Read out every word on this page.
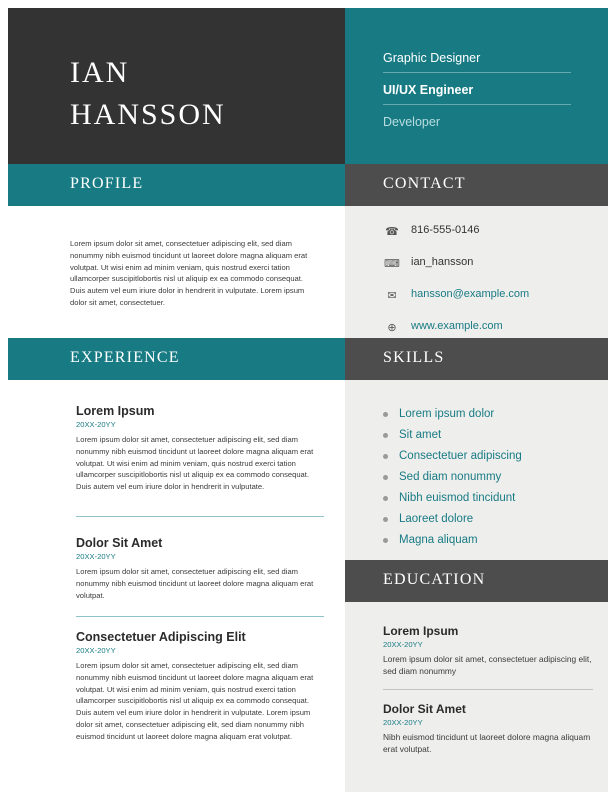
IAN
HANSSON
Graphic Designer
UI/UX Engineer
Developer
PROFILE	CONTACT
Lorem ipsum dolor sit amet, consectetuer adipiscing elit, sed diam nonummy nibh euismod tincidunt ut laoreet dolore magna aliquam erat volutpat. Ut wisi enim ad minim veniam, quis nostrud exerci tation ullamcorper suscipitlobortis nisl ut aliquip ex ea commodo consequat. Duis autem vel eum iriure dolor in hendrerit in vulputate. Lorem ipsum dolor sit amet, consectetuer.
☎ 816-555-0146
⌨ ian_hansson
✉	hansson@example.com
⊕	www.example.com
EXPERIENCE	SKILLS

Lorem Ipsum

20XX-20YY

Lorem ipsum dolor sit amet, consectetuer adipiscing elit, sed diam nonummy nibh euismod tincidunt ut laoreet dolore magna aliquam erat volutpat. Ut wisi enim ad minim veniam, quis nostrud exerci tation ullamcorper suscipitlobortis nisl ut aliquip ex ea commodo consequat. Duis autem vel eum iriure dolor in hendrerit in vulputate.

Dolor Sit Amet

20XX-20YY

Lorem ipsum dolor sit amet, consectetuer adipiscing elit, sed diam nonummy nibh euismod tincidunt ut laoreet dolore magna aliquam erat volutpat.

Consectetuer Adipiscing Elit

20XX-20YY

Lorem ipsum dolor sit amet, consectetuer adipiscing elit, sed diam nonummy nibh euismod tincidunt ut laoreet dolore magna aliquam erat volutpat. Ut wisi enim ad minim veniam, quis nostrud exerci tation ullamcorper suscipitlobortis nisl ut aliquip ex ea commodo consequat. Duis autem vel eum iriure dolor in hendrerit in vulputate. Lorem ipsum dolor sit amet, consectetuer adipiscing elit, sed diam nonummy nibh euismod tincidunt ut laoreet dolore magna aliquam erat volutpat.
Lorem ipsum dolor
Sit amet
Consectetuer adipiscing
Sed diam nonummy
Nibh euismod tincidunt
Laoreet dolore
Magna aliquam
EDUCATION

Lorem Ipsum

20XX-20YY

Lorem ipsum dolor sit amet, consectetuer adipiscing elit, sed diam nonummy

Dolor Sit Amet

20XX-20YY

Nibh euismod tincidunt ut laoreet dolore magna aliquam erat volutpat.
